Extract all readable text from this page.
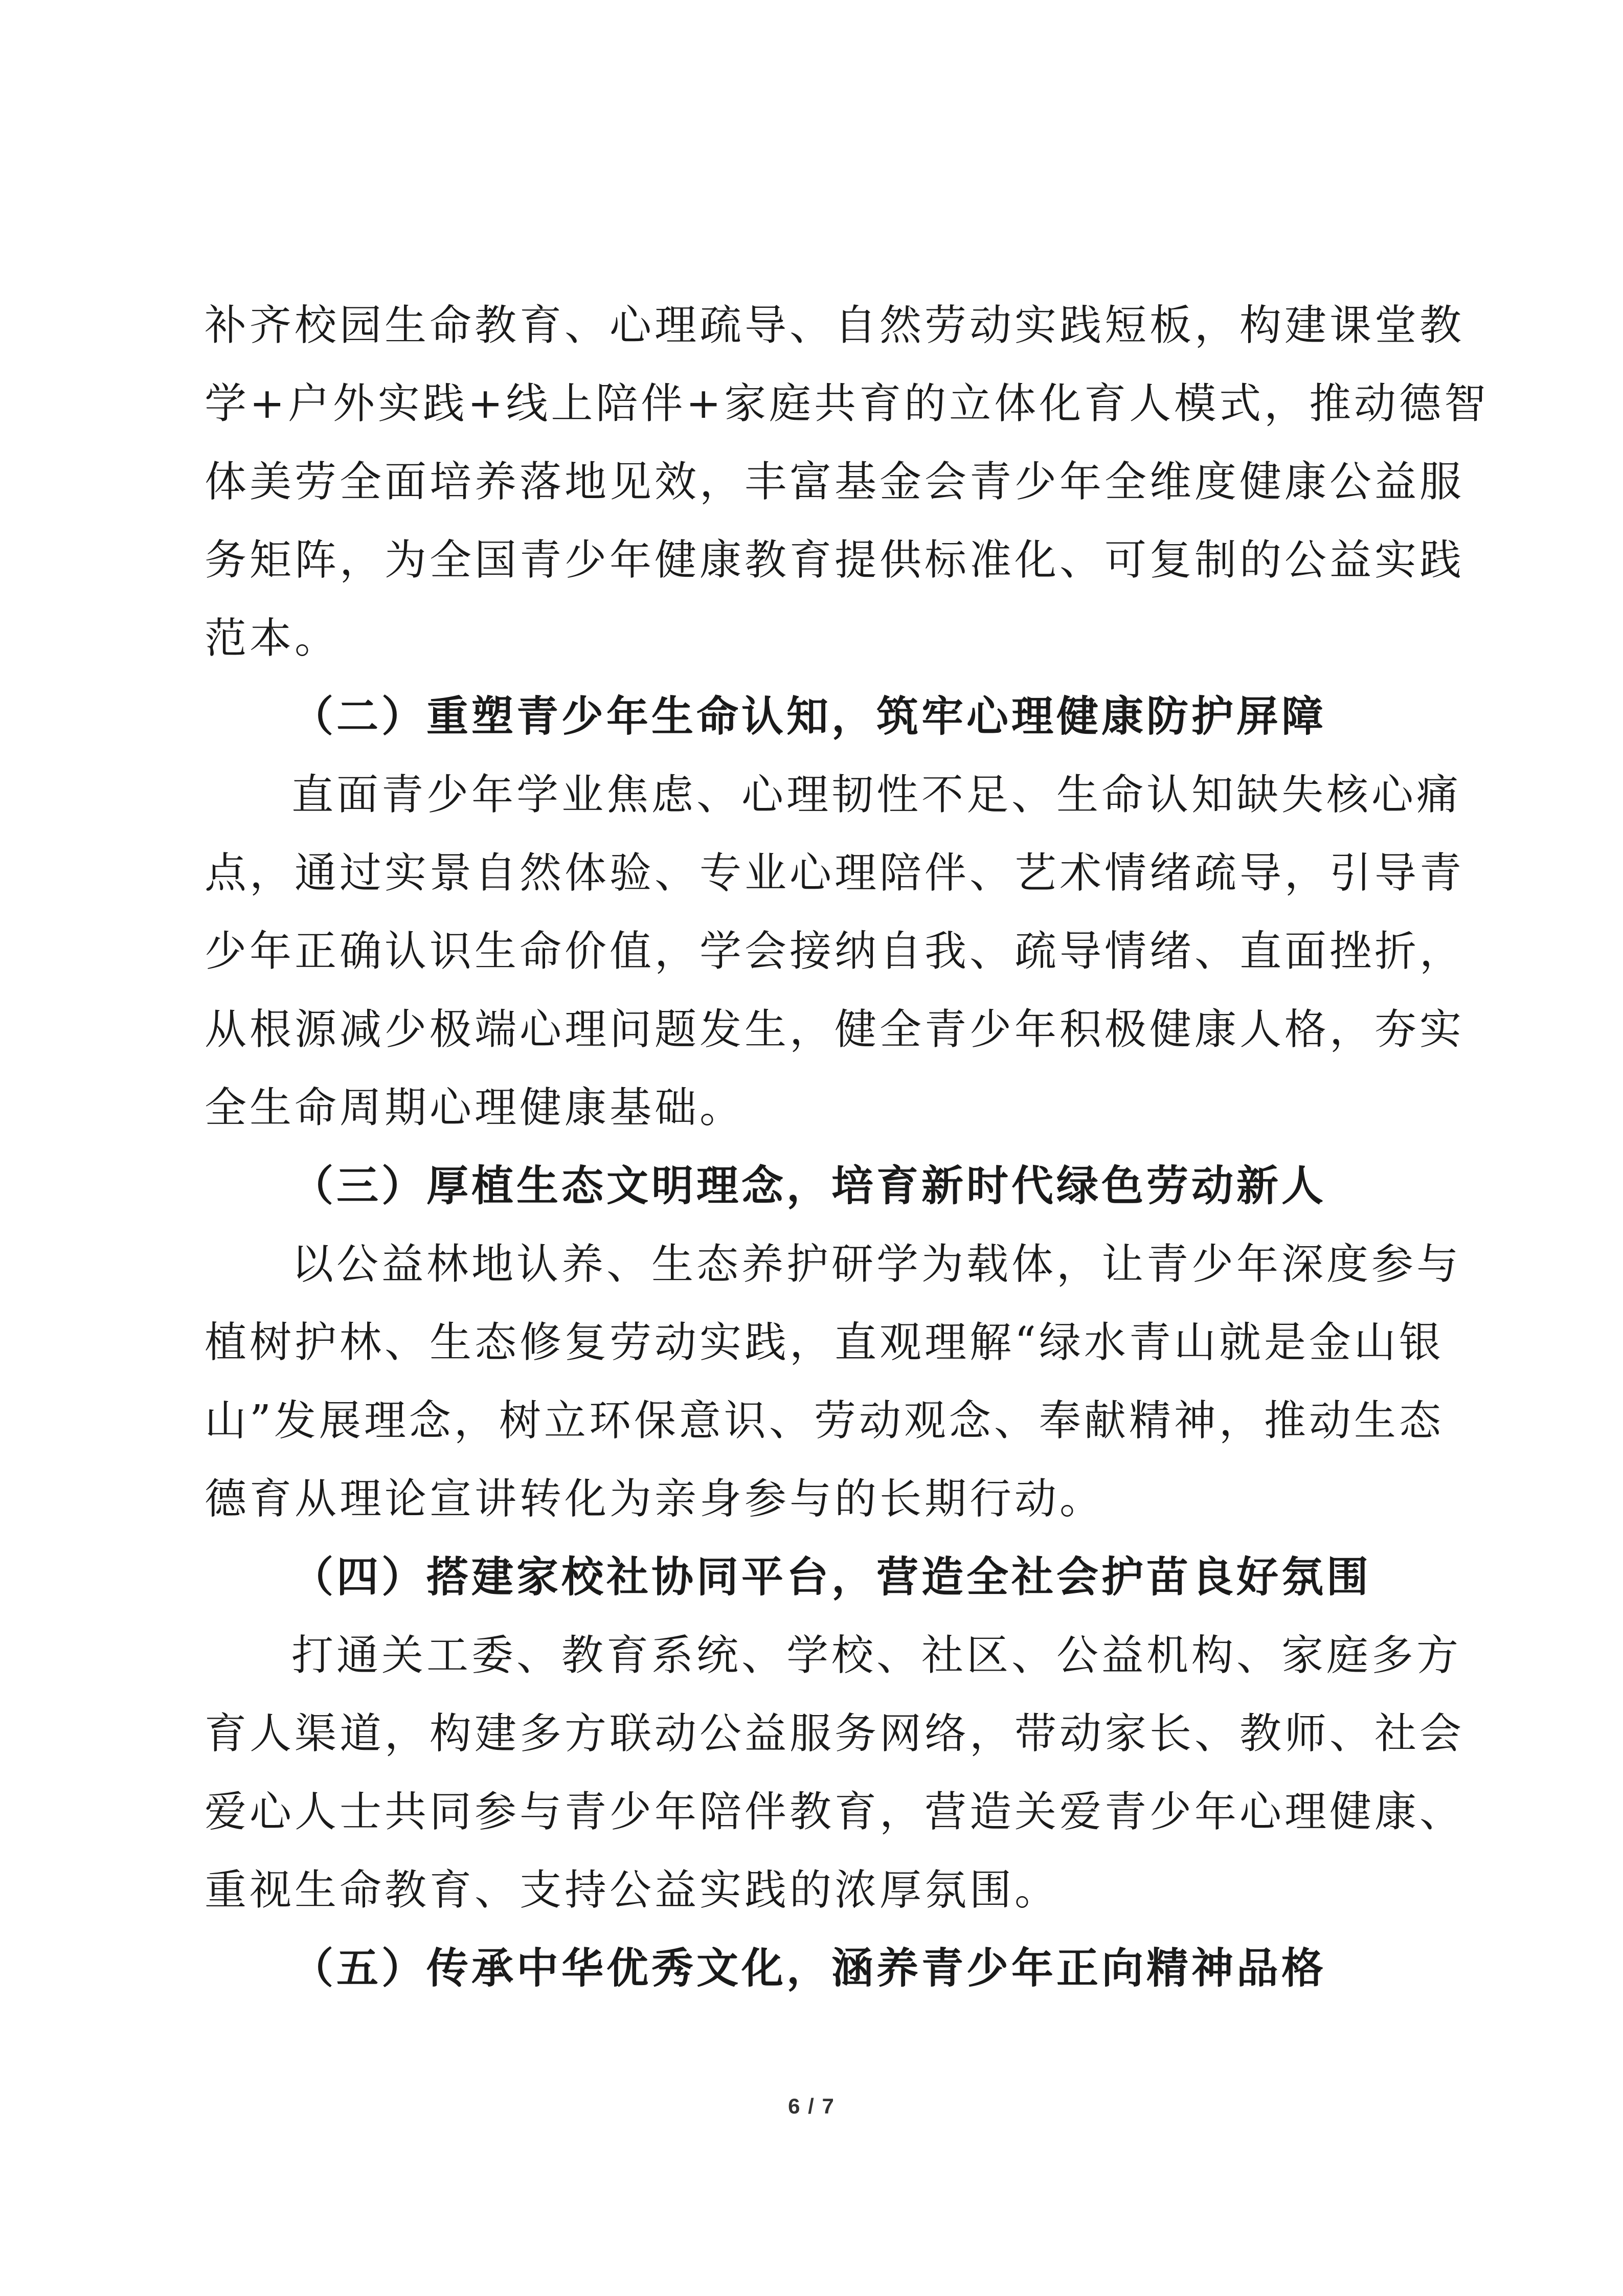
补齐校园生命教育、心理疏导、自然劳动实践短板，构建课堂教
学+户外实践+线上陪伴+家庭共育的立体化育人模式，推动德智
体美劳全面培养落地见效，丰富基金会青少年全维度健康公益服
务矩阵，为全国青少年健康教育提供标准化、可复制的公益实践
范本。
（二）重塑青少年生命认知，筑牢心理健康防护屏障
直面青少年学业焦虑、心理韧性不足、生命认知缺失核心痛
点，通过实景自然体验、专业心理陪伴、艺术情绪疏导，引导青
少年正确认识生命价值，学会接纳自我、疏导情绪、直面挫折，
从根源减少极端心理问题发生，健全青少年积极健康人格，夯实
全生命周期心理健康基础。
（三）厚植生态文明理念，培育新时代绿色劳动新人
以公益林地认养、生态养护研学为载体，让青少年深度参与
植树护林、生态修复劳动实践，直观理解“绿水青山就是金山银
山”发展理念，树立环保意识、劳动观念、奉献精神，推动生态
德育从理论宣讲转化为亲身参与的长期行动。
（四）搭建家校社协同平台，营造全社会护苗良好氛围
打通关工委、教育系统、学校、社区、公益机构、家庭多方
育人渠道，构建多方联动公益服务网络，带动家长、教师、社会
爱心人士共同参与青少年陪伴教育，营造关爱青少年心理健康、
重视生命教育、支持公益实践的浓厚氛围。
（五）传承中华优秀文化，涵养青少年正向精神品格
6 / 7
